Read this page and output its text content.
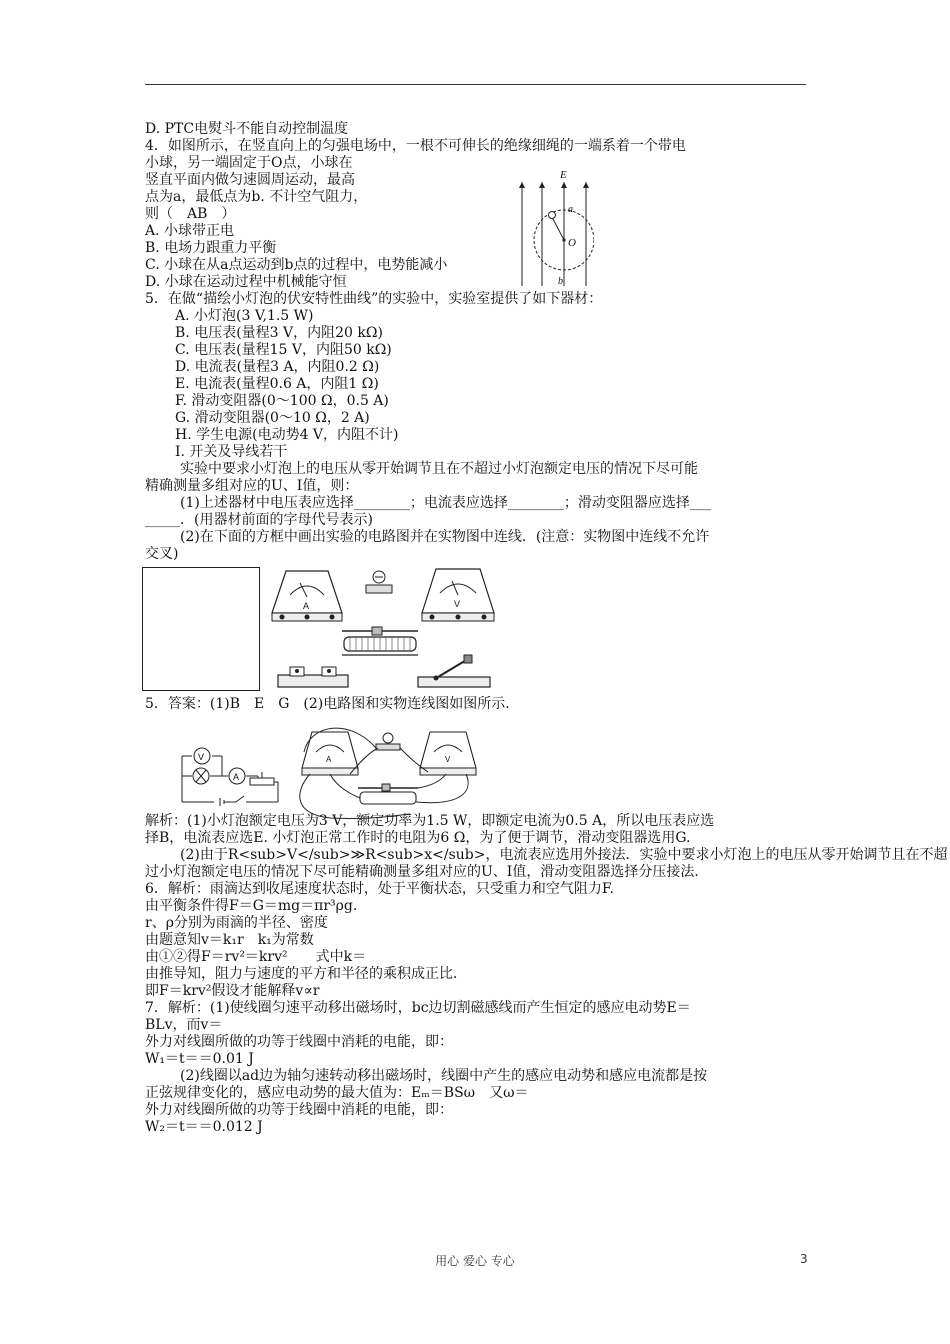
D. PTC电熨斗不能自动控制温度
4．如图所示，在竖直向上的匀强电场中，一根不可伸长的绝缘细绳的一端系着一个带电
小球，另一端固定于O点，小球在
竖直平面内做匀速圆周运动，最高
点为a，最低点为b. 不计空气阻力，
则（　AB　）
A. 小球带正电
B. 电场力跟重力平衡
C. 小球在从a点运动到b点的过程中，电势能减小
D. 小球在运动过程中机械能守恒
5．在做“描绘小灯泡的伏安特性曲线”的实验中，实验室提供了如下器材：
A. 小灯泡(3 V,1.5 W)
B. 电压表(量程3 V，内阻20 kΩ)
C. 电压表(量程15 V，内阻50 kΩ)
D. 电流表(量程3 A，内阻0.2 Ω)
E. 电流表(量程0.6 A，内阻1 Ω)
F. 滑动变阻器(0～100 Ω，0.5 A)
G. 滑动变阻器(0～10 Ω，2 A)
H. 学生电源(电动势4 V，内阻不计)
I. 开关及导线若干
实验中要求小灯泡上的电压从零开始调节且在不超过小灯泡额定电压的情况下尽可能
精确测量多组对应的U、I值，则：
(1)上述器材中电压表应选择________；电流表应选择________；滑动变阻器应选择___
_____．(用器材前面的字母代号表示)
(2)在下面的方框中画出实验的电路图并在实物图中连线．(注意：实物图中连线不允许
交叉)
5．答案：(1)B　E　G　(2)电路图和实物连线图如图所示．
解析：(1)小灯泡额定电压为3 V，额定功率为1.5 W，即额定电流为0.5 A，所以电压表应选
择B，电流表应选E. 小灯泡正常工作时的电阻为6 Ω，为了便于调节，滑动变阻器选用G.
(2)由于R<sub>V</sub>≫R<sub>x</sub>，电流表应选用外接法．实验中要求小灯泡上的电压从零开始调节且在不超
过小灯泡额定电压的情况下尽可能精确测量多组对应的U、I值，滑动变阻器选择分压接法．
6．解析：雨滴达到收尾速度状态时，处于平衡状态，只受重力和空气阻力F.
由平衡条件得F＝G＝mg＝πr³ρg.
r、ρ分别为雨滴的半径、密度
由题意知v＝k₁r　k₁为常数
由①②得F＝rv²＝krv²　　式中k＝
由推导知，阻力与速度的平方和半径的乘积成正比．
即F＝krv²假设才能解释v∝r
7．解析：(1)使线圈匀速平动移出磁场时，bc边切割磁感线而产生恒定的感应电动势E＝
BLv，而v＝
外力对线圈所做的功等于线圈中消耗的电能，即：
W₁＝t＝＝0.01 J
(2)线圈以ad边为轴匀速转动移出磁场时，线圈中产生的感应电动势和感应电流都是按
正弦规律变化的，感应电动势的最大值为：Eₘ＝BSω　又ω＝
外力对线圈所做的功等于线圈中消耗的电能，即：
W₂＝t＝＝0.012 J
E
a
O
b
A	V
V
A
A	V
用心 爱心 专心	3
